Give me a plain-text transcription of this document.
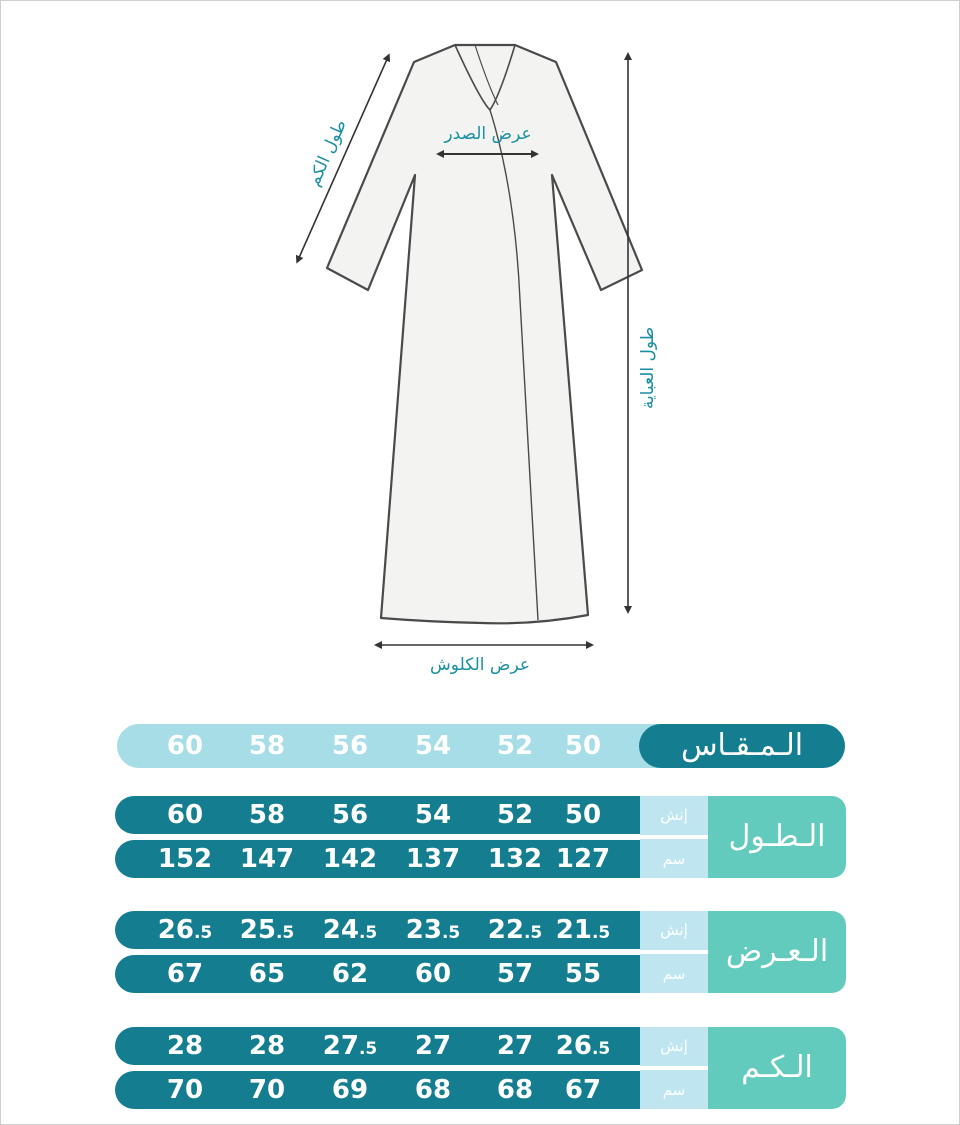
طول الكم	عرض الصدر
طول العباية
عرض الكلوش
الـمـقـاس
50
52
54
56
58
60
الـطـول
إنش
50
52
54
56
58
60
سم
127
132
137
142
147
152
الـعـرض
إنش
21.5
22.5
23.5
24.5
25.5
26.5
سم
55
57
60
62
65
67
الـكـم
إنش
26.5
27
27
27.5
28
28
سم
67
68
68
69
70
70
